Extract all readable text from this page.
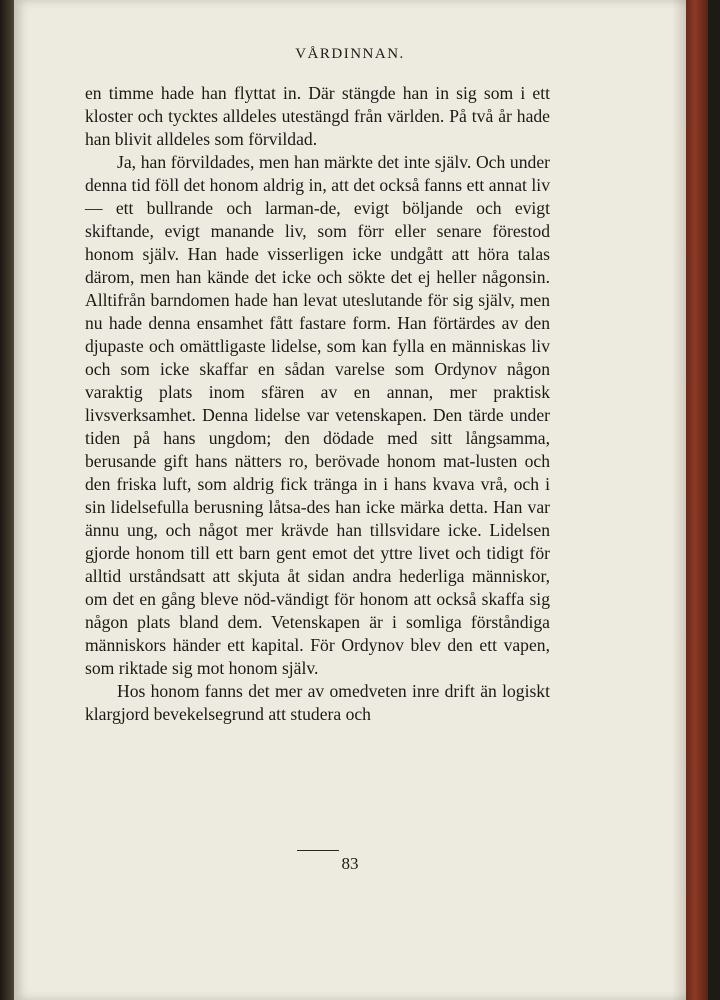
VÅRDINNAN.

en timme hade han flyttat in. Där stängde han in sig som i ett kloster och tycktes alldeles utestängd från världen. På två år hade han blivit alldeles som förvildad.

Ja, han förvildades, men han märkte det inte själv. Och under denna tid föll det honom aldrig in, att det också fanns ett annat liv — ett bullrande och larman-de, evigt böljande och evigt skiftande, evigt manande liv, som förr eller senare förestod honom själv. Han hade visserligen icke undgått att höra talas därom, men han kände det icke och sökte det ej heller någonsin. Alltifrån barndomen hade han levat uteslutande för sig själv, men nu hade denna ensamhet fått fastare form. Han förtärdes av den djupaste och omättligaste lidelse, som kan fylla en människas liv och som icke skaffar en sådan varelse som Ordynov någon varaktig plats inom sfären av en annan, mer praktisk livsverksamhet. Denna lidelse var vetenskapen. Den tärde under tiden på hans ungdom; den dödade med sitt långsamma, berusande gift hans nätters ro, berövade honom mat-lusten och den friska luft, som aldrig fick tränga in i hans kvava vrå, och i sin lidelsefulla berusning låtsa-des han icke märka detta. Han var ännu ung, och något mer krävde han tillsvidare icke. Lidelsen gjorde honom till ett barn gent emot det yttre livet och tidigt för alltid urståndsatt att skjuta åt sidan andra hederliga människor, om det en gång bleve nöd-vändigt för honom att också skaffa sig någon plats bland dem. Vetenskapen är i somliga förståndiga människors händer ett kapital. För Ordynov blev den ett vapen, som riktade sig mot honom själv.

Hos honom fanns det mer av omedveten inre drift än logiskt klargjord bevekelsegrund att studera och

83
